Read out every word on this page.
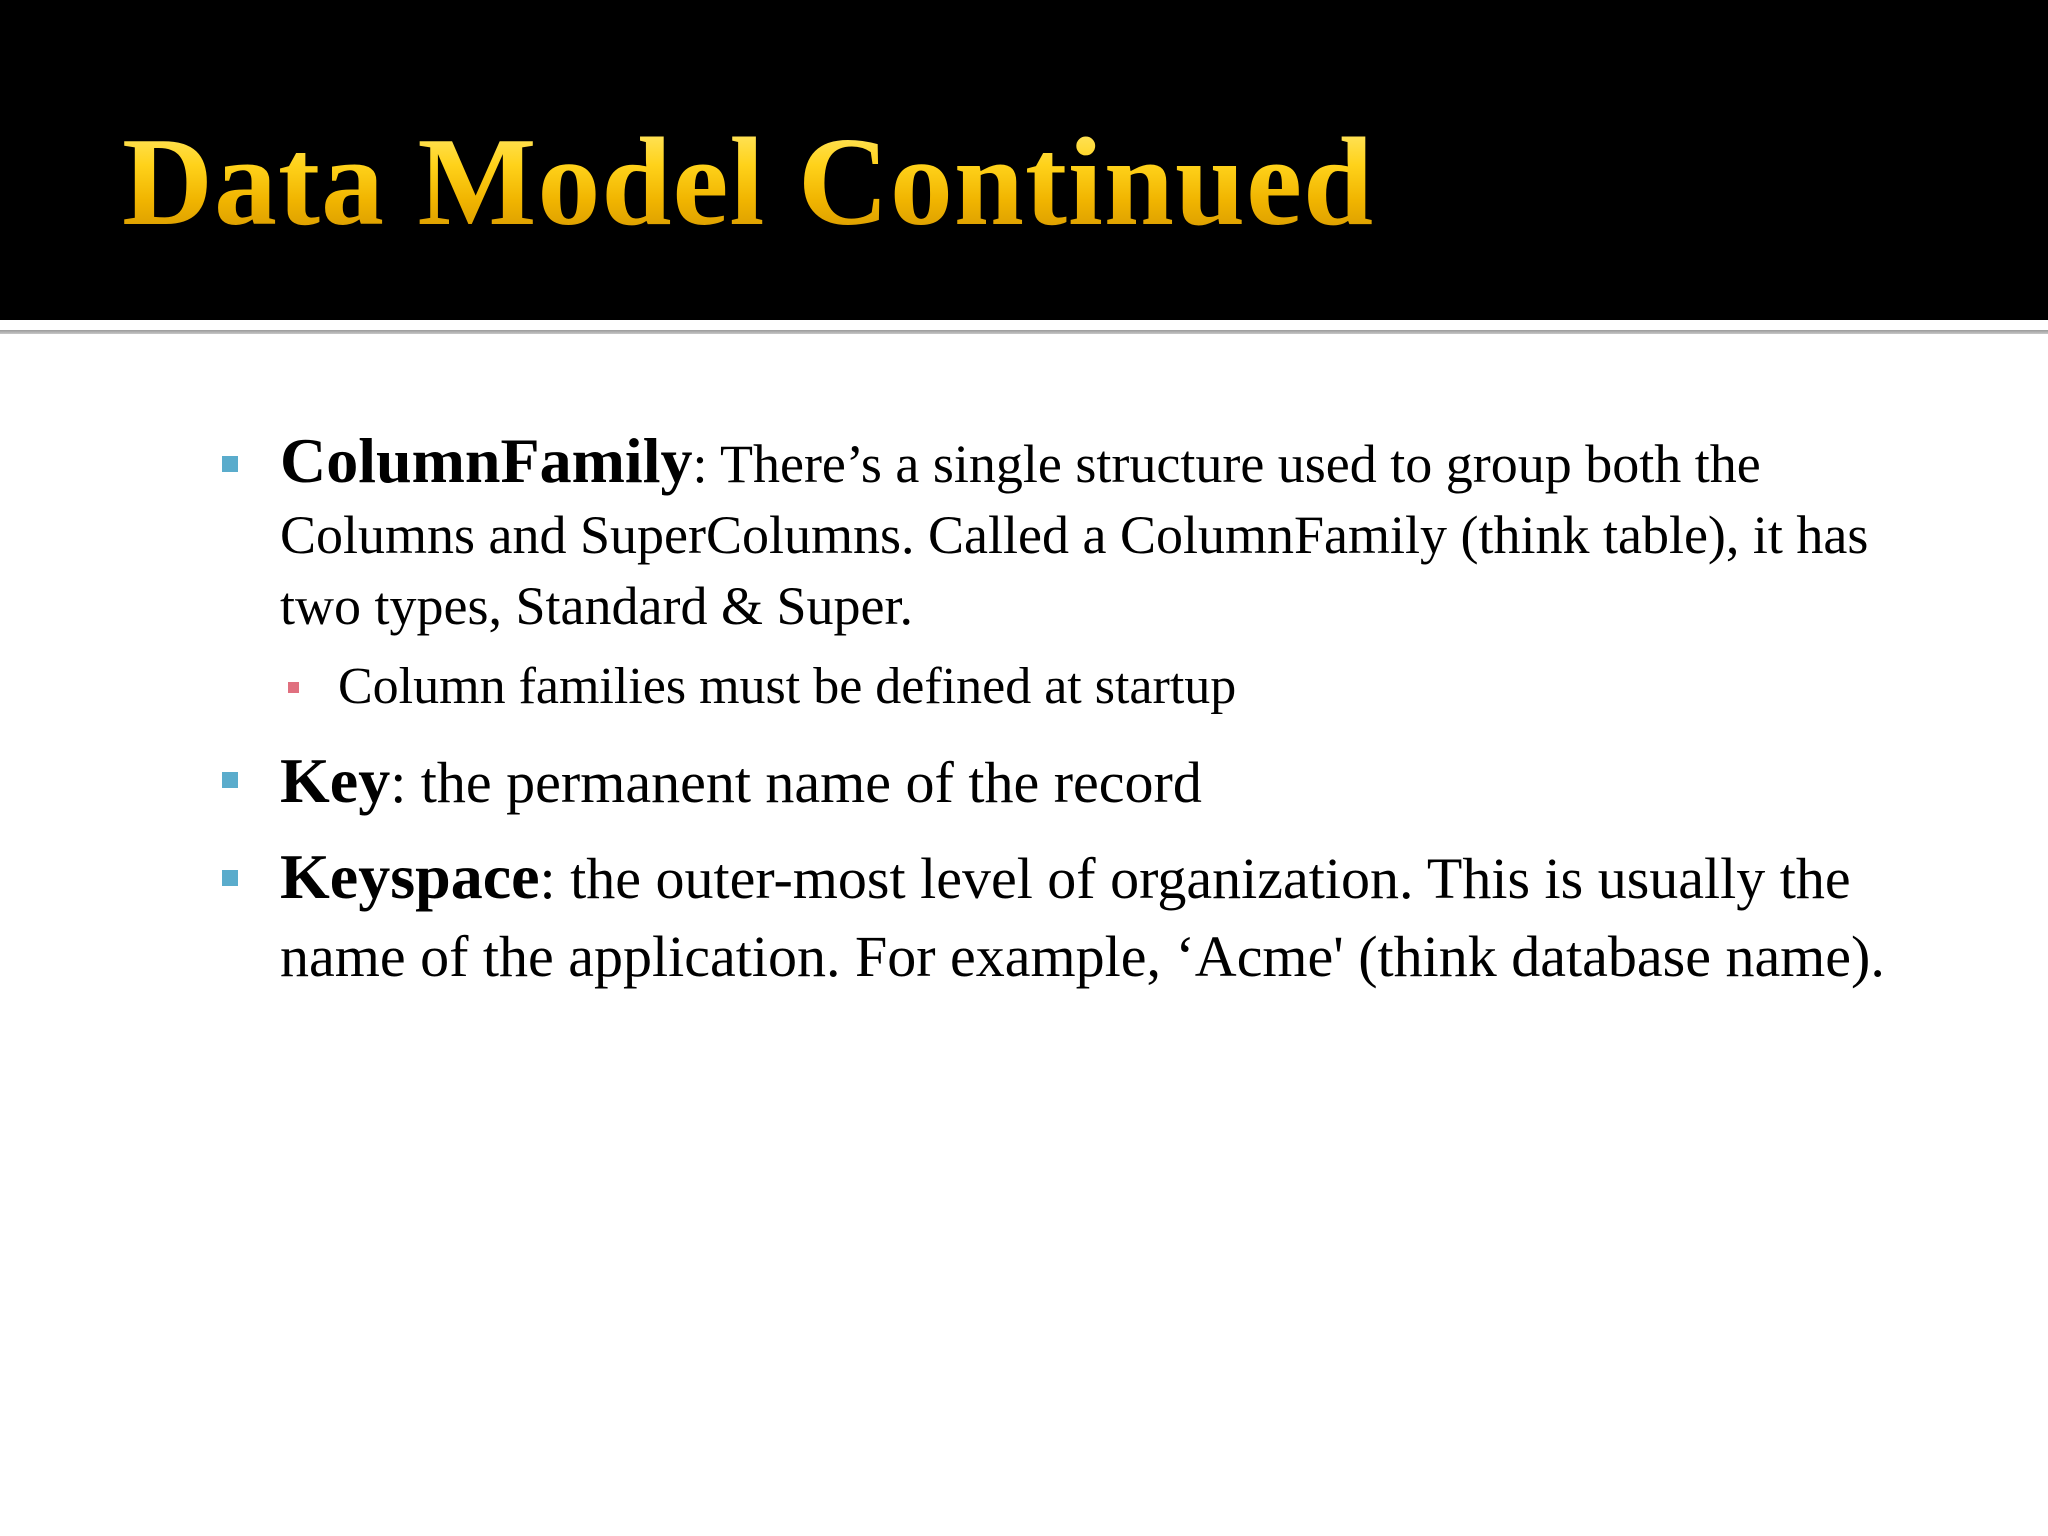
Data Model Continued

ColumnFamily: There’s a single structure used to group both the Columns and SuperColumns. Called a ColumnFamily (think table), it has two types, Standard & Super.

Column families must be defined at startup

Key: the permanent name of the record

Keyspace: the outer-most level of organization. This is usually the name of the application. For example, ‘Acme' (think database name).
